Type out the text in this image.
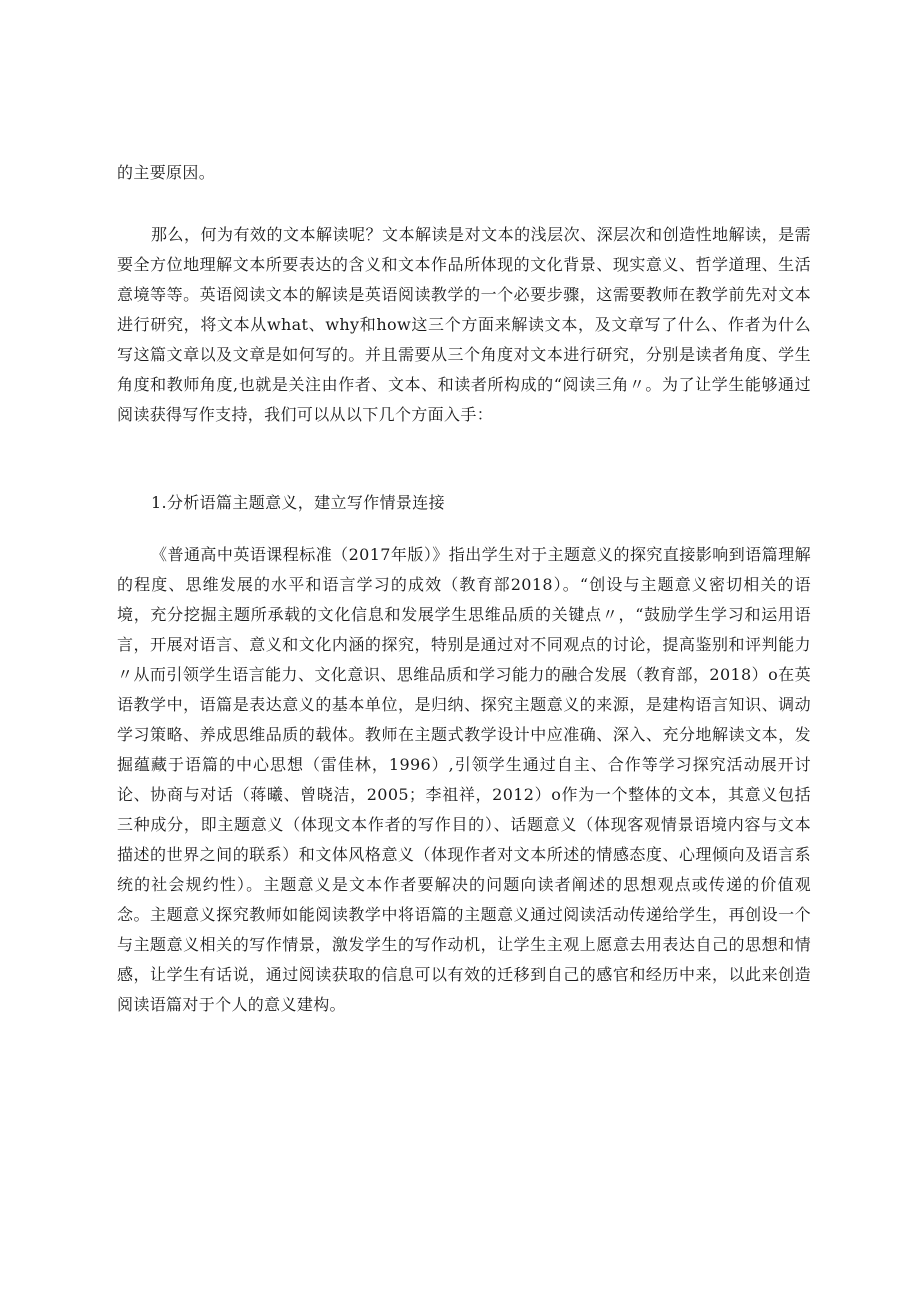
的主要原因。

那么，何为有效的文本解读呢？文本解读是对文本的浅层次、深层次和创造性地解读，是需要全方位地理解文本所要表达的含义和文本作品所体现的文化背景、现实意义、哲学道理、生活意境等等。英语阅读文本的解读是英语阅读教学的一个必要步骤，这需要教师在教学前先对文本进行研究，将文本从what、why和how这三个方面来解读文本，及文章写了什么、作者为什么写这篇文章以及文章是如何写的。并且需要从三个角度对文本进行研究，分别是读者角度、学生角度和教师角度,也就是关注由作者、文本、和读者所构成的“阅读三角〃。为了让学生能够通过阅读获得写作支持，我们可以从以下几个方面入手：

1.分析语篇主题意义，建立写作情景连接

《普通高中英语课程标准（2017年版）》指出学生对于主题意义的探究直接影响到语篇理解的程度、思维发展的水平和语言学习的成效（教育部2018）。“创设与主题意义密切相关的语境，充分挖掘主题所承载的文化信息和发展学生思维品质的关键点〃，“鼓励学生学习和运用语言，开展对语言、意义和文化内涵的探究，特别是通过对不同观点的讨论，提高鉴别和评判能力〃从而引领学生语言能力、文化意识、思维品质和学习能力的融合发展（教育部，2018）o在英语教学中，语篇是表达意义的基本单位，是归纳、探究主题意义的来源，是建构语言知识、调动学习策略、养成思维品质的载体。教师在主题式教学设计中应准确、深入、充分地解读文本，发掘蕴藏于语篇的中心思想（雷佳林，1996）,引领学生通过自主、合作等学习探究活动展开讨论、协商与对话（蒋曦、曾晓洁，2005；李祖祥，2012）o作为一个整体的文本，其意义包括三种成分，即主题意义（体现文本作者的写作目的）、话题意义（体现客观情景语境内容与文本描述的世界之间的联系）和文体风格意义（体现作者对文本所述的情感态度、心理倾向及语言系统的社会规约性）。主题意义是文本作者要解决的问题向读者阐述的思想观点或传递的价值观念。主题意义探究教师如能阅读教学中将语篇的主题意义通过阅读活动传递给学生，再创设一个与主题意义相关的写作情景，激发学生的写作动机，让学生主观上愿意去用表达自己的思想和情感，让学生有话说，通过阅读获取的信息可以有效的迁移到自己的感官和经历中来，以此来创造阅读语篇对于个人的意义建构。
